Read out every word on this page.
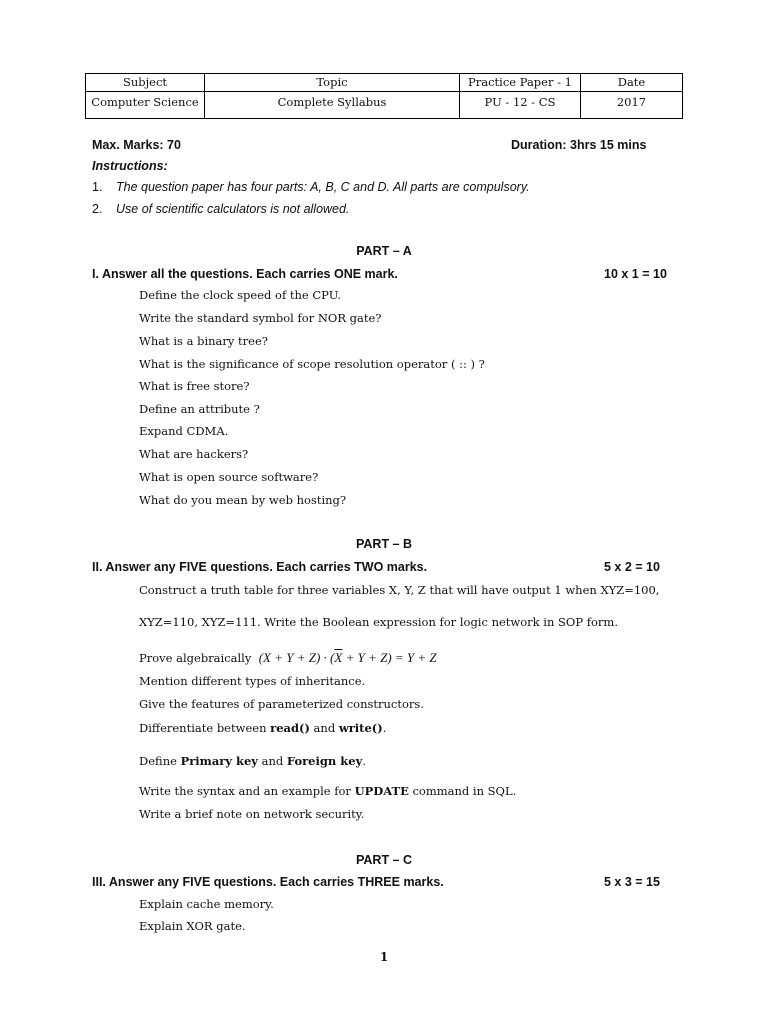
Subject	Topic	Practice Paper - 1	Date
Computer Science	Complete Syllabus	PU - 12 - CS	2017
Max. Marks: 70	Duration: 3hrs 15 mins
Instructions:
1. The question paper has four parts: A, B, C and D. All parts are compulsory.
2. Use of scientific calculators is not allowed.
PART – A
I. Answer all the questions. Each carries ONE mark.	10 x 1 = 10
Define the clock speed of the CPU.
Write the standard symbol for NOR gate?
What is a binary tree?
What is the significance of scope resolution operator ( :: ) ?
What is free store?
Define an attribute ?
Expand CDMA.
What are hackers?
What is open source software?
What do you mean by web hosting?
PART – B
II. Answer any FIVE questions. Each carries TWO marks.	5 x 2 = 10
Construct a truth table for three variables X, Y, Z that will have output 1 when XYZ=100,
XYZ=110, XYZ=111. Write the Boolean expression for logic network in SOP form.
Prove algebraically $(X + Y + Z) \cdot (\overline{X} + Y + Z) = Y + Z$
Mention different types of inheritance.
Give the features of parameterized constructors.
Differentiate between read() and write().
Define Primary key and Foreign key.
Write the syntax and an example for UPDATE command in SQL.
Write a brief note on network security.
PART – C
III. Answer any FIVE questions. Each carries THREE marks.	5 x 3 = 15
Explain cache memory.
Explain XOR gate.
1
